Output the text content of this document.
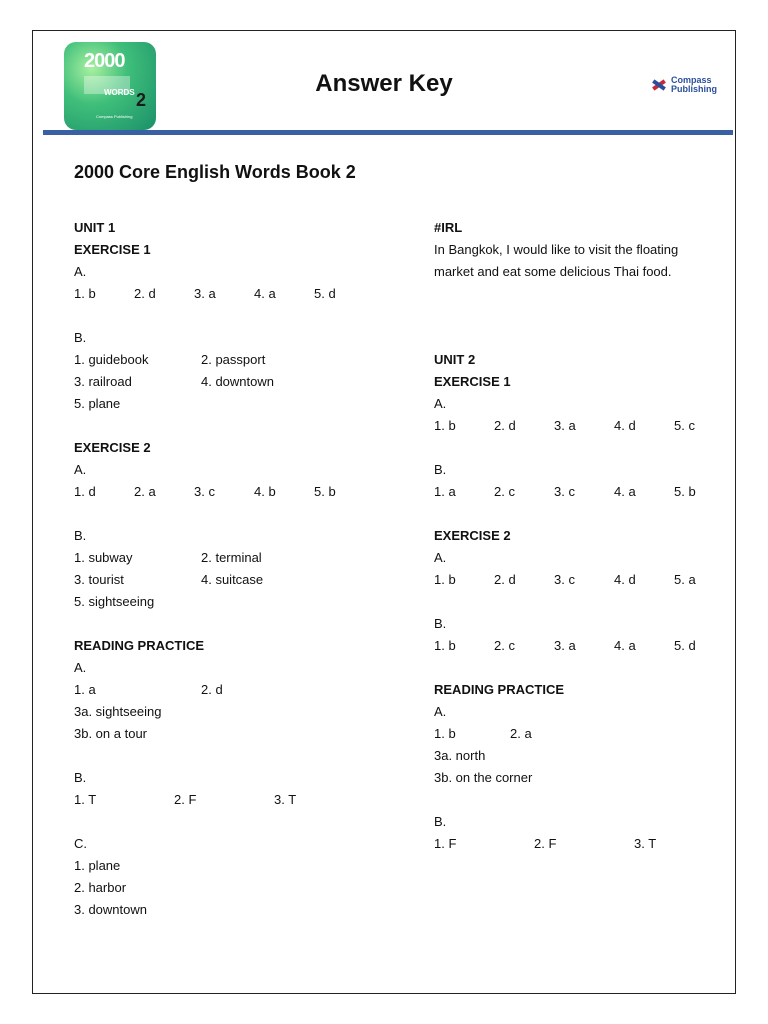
2000
WORDS 2
Compass Publishing
Answer Key	Compass
Publishing
2000 Core English Words Book 2
UNIT 1
EXERCISE 1
A.
1. b	2. d	3. a	4. a	5. d
B.
1. guidebook	2. passport
3. railroad	4. downtown
5. plane
EXERCISE 2
A.
1. d	2. a	3. c	4. b	5. b
B.
1. subway	2. terminal
3. tourist	4. suitcase
5. sightseeing
READING PRACTICE
A.
1. a	2. d
3a. sightseeing
3b. on a tour
B.
1. T	2. F	3. T
C.
1. plane
2. harbor
3. downtown
#IRL
In Bangkok, I would like to visit the floating
market and eat some delicious Thai food.
UNIT 2
EXERCISE 1
A.
1. b	2. d	3. a	4. d	5. c
B.
1. a	2. c	3. c	4. a	5. b
EXERCISE 2
A.
1. b	2. d	3. c	4. d	5. a
B.
1. b	2. c	3. a	4. a	5. d
READING PRACTICE
A.
1. b	2. a
3a. north
3b. on the corner
B.
1. F	2. F	3. T
